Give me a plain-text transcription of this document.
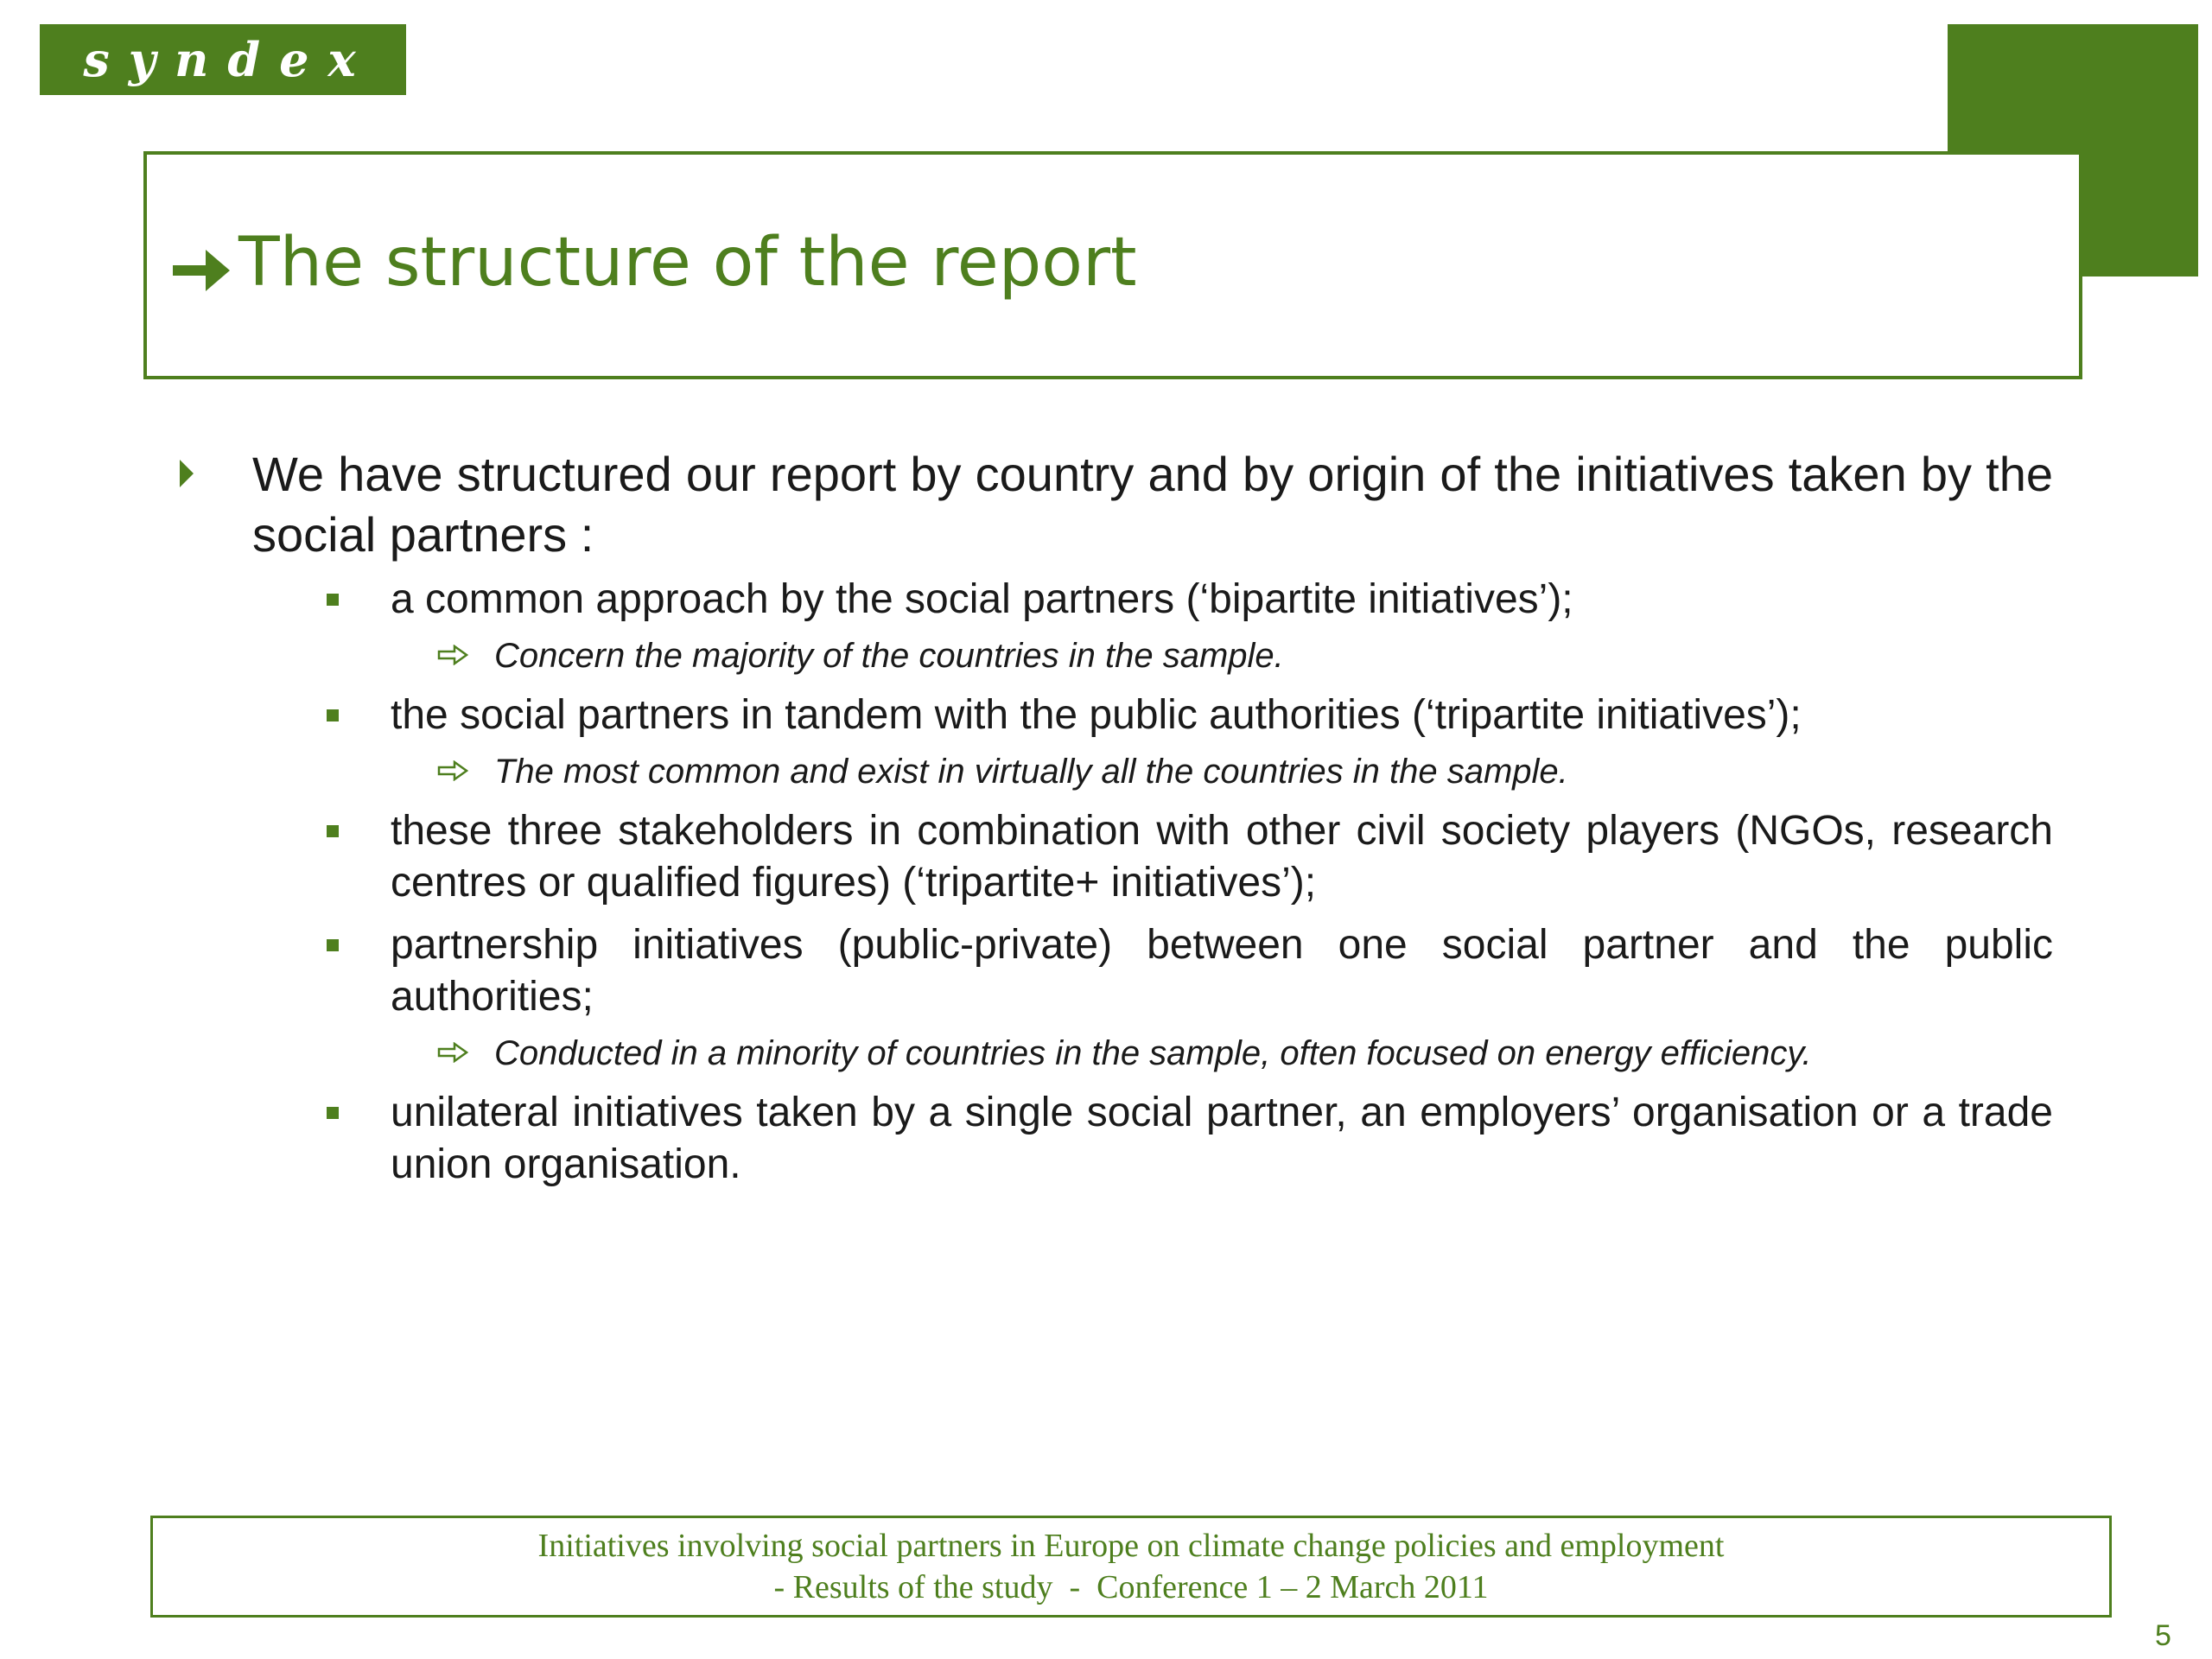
syndex
The structure of the report
We have structured our report by country and by origin of the initiatives taken by the social partners :
a common approach by the social partners (‘bipartite initiatives’);
Concern the majority of the countries in the sample.
the social partners in tandem with the public authorities (‘tripartite initiatives’);
The most common and exist in virtually all the countries in the sample.
these three stakeholders in combination with other civil society players (NGOs, research centres or qualified figures) (‘tripartite+ initiatives’);
partnership initiatives (public-private) between one social partner and the public authorities;
Conducted in a minority of countries in the sample, often focused on energy efficiency.
unilateral initiatives taken by a single social partner, an employers’ organisation or a trade union organisation.
Initiatives involving social partners in Europe on climate change policies and employment
- Results of the study  -  Conference 1 – 2 March 2011
5
